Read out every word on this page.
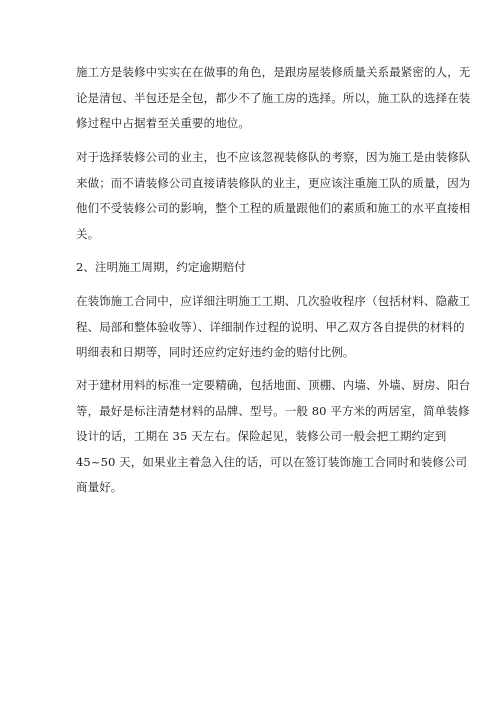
施工方是装修中实实在在做事的角色，是跟房屋装修质量关系最紧密的人，无
论是清包、半包还是全包，都少不了施工房的选择。所以，施工队的选择在装
修过程中占据着至关重要的地位。
对于选择装修公司的业主，也不应该忽视装修队的考察，因为施工是由装修队
来做；而不请装修公司直接请装修队的业主，更应该注重施工队的质量，因为
他们不受装修公司的影响，整个工程的质量跟他们的素质和施工的水平直接相
关。
2、注明施工周期，约定逾期赔付
在装饰施工合同中，应详细注明施工工期、几次验收程序（包括材料、隐蔽工
程、局部和整体验收等）、详细制作过程的说明、甲乙双方各自提供的材料的
明细表和日期等，同时还应约定好违约金的赔付比例。
对于建材用料的标准一定要精确，包括地面、顶棚、内墙、外墙、厨房、阳台
等，最好是标注清楚材料的品牌、型号。一般 80 平方米的两居室，简单装修
设计的话，工期在 35 天左右。保险起见，装修公司一般会把工期约定到
45~50 天，如果业主着急入住的话，可以在签订装饰施工合同时和装修公司
商量好。
